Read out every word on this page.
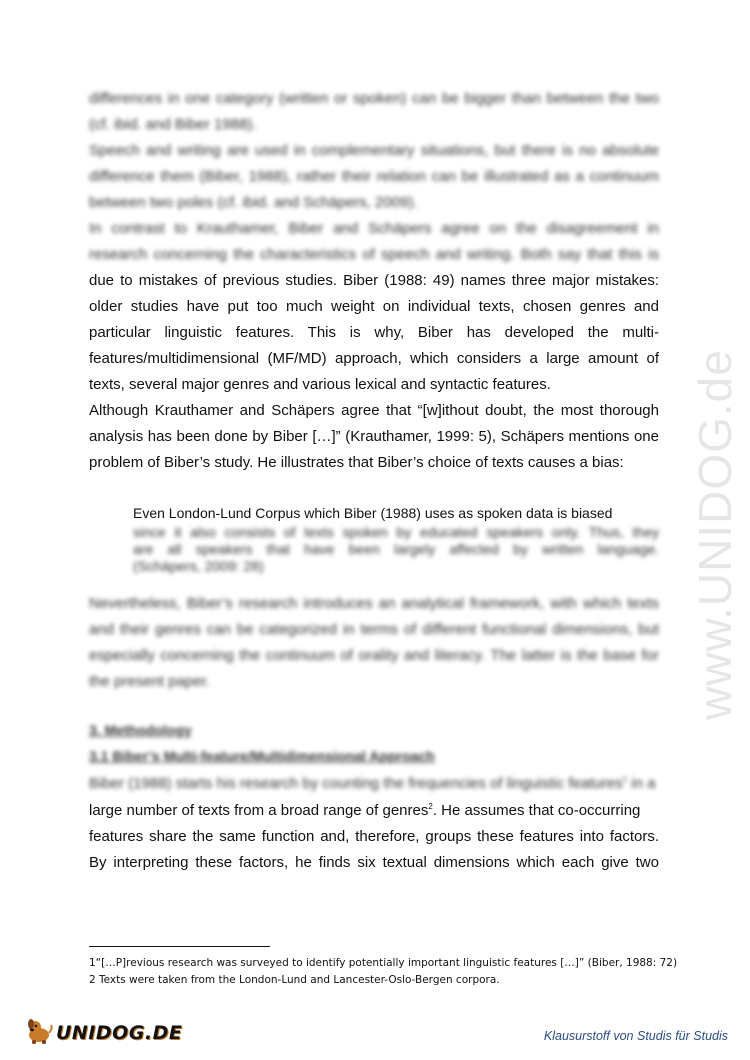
www.UNIDOG.de
differences in one category (written or spoken) can be bigger than between the two
(cf. ibid. and Biber 1988).
Speech and writing are used in complementary situations, but there is no absolute
difference them (Biber, 1988), rather their relation can be illustrated as a continuum
between two poles (cf. ibid. and Schäpers, 2009).
In contrast to Krauthamer, Biber and Schäpers agree on the disagreement in
research concerning the characteristics of speech and writing. Both say that this is
due to mistakes of previous studies. Biber (1988: 49) names three major mistakes:
older studies have put too much weight on individual texts, chosen genres and
particular linguistic features. This is why, Biber has developed the multi-
features/multidimensional (MF/MD) approach, which considers a large amount of
texts, several major genres and various lexical and syntactic features.
Although Krauthamer and Schäpers agree that “[w]ithout doubt, the most thorough
analysis has been done by Biber […]” (Krauthamer, 1999: 5), Schäpers mentions one
problem of Biber’s study. He illustrates that Biber’s choice of texts causes a bias:
Even London-Lund Corpus which Biber (1988) uses as spoken data is biased
since it also consists of texts spoken by educated speakers only. Thus, they
are all speakers that have been largely affected by written language.
(Schäpers, 2009: 28)
Nevertheless, Biber’s research introduces an analytical framework, with which texts
and their genres can be categorized in terms of different functional dimensions, but
especially concerning the continuum of orality and literacy. The latter is the base for
the present paper.
3. Methodology
3.1 Biber’s Multi-feature/Multidimensional Approach
Biber (1988) starts his research by counting the frequencies of linguistic features$^1$ in a
large number of texts from a broad range of genres$^2$. He assumes that co-occurring
features share the same function and, therefore, groups these features into factors.
By interpreting these factors, he finds six textual dimensions which each give two
1“[…P]revious research was surveyed to identify potentially important linguistic features […]” (Biber, 1988: 72)
2 Texts were taken from the London-Lund and Lancester-Oslo-Bergen corpora.
UNIDOG.DE	Klausurstoff von Studis für Studis
